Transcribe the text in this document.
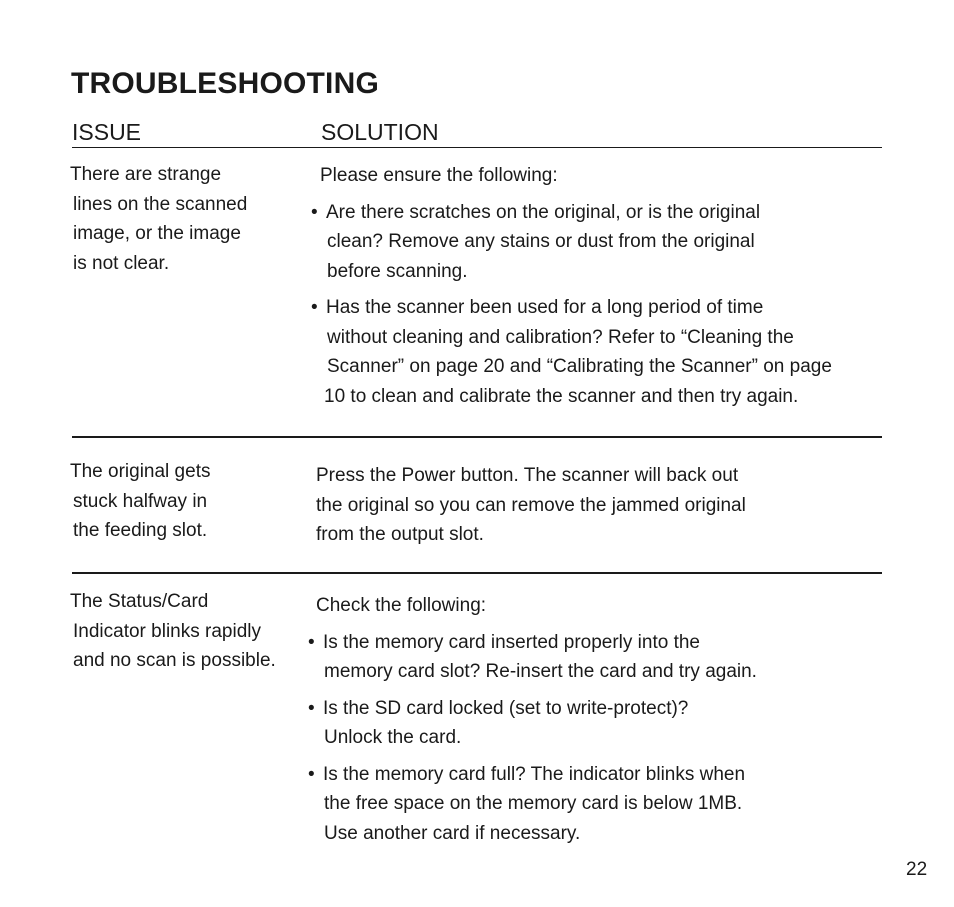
TROUBLESHOOTING
ISSUE	SOLUTION
There are strange
lines on the scanned
image, or the image
is not clear.
Please ensure the following:
• Are there scratches on the original, or is the original
clean? Remove any stains or dust from the original
before scanning.
• Has the scanner been used for a long period of time
without cleaning and calibration? Refer to “Cleaning the
Scanner” on page 20 and “Calibrating the Scanner” on page
10 to clean and calibrate the scanner and then try again.
The original gets
stuck halfway in
the feeding slot.
Press the Power button. The scanner will back out
the original so you can remove the jammed original
from the output slot.
The Status/Card
Indicator blinks rapidly
and no scan is possible.
Check the following:
• Is the memory card inserted properly into the
memory card slot? Re-insert the card and try again.
• Is the SD card locked (set to write-protect)?
Unlock the card.
• Is the memory card full? The indicator blinks when
the free space on the memory card is below 1MB.
Use another card if necessary.
22
